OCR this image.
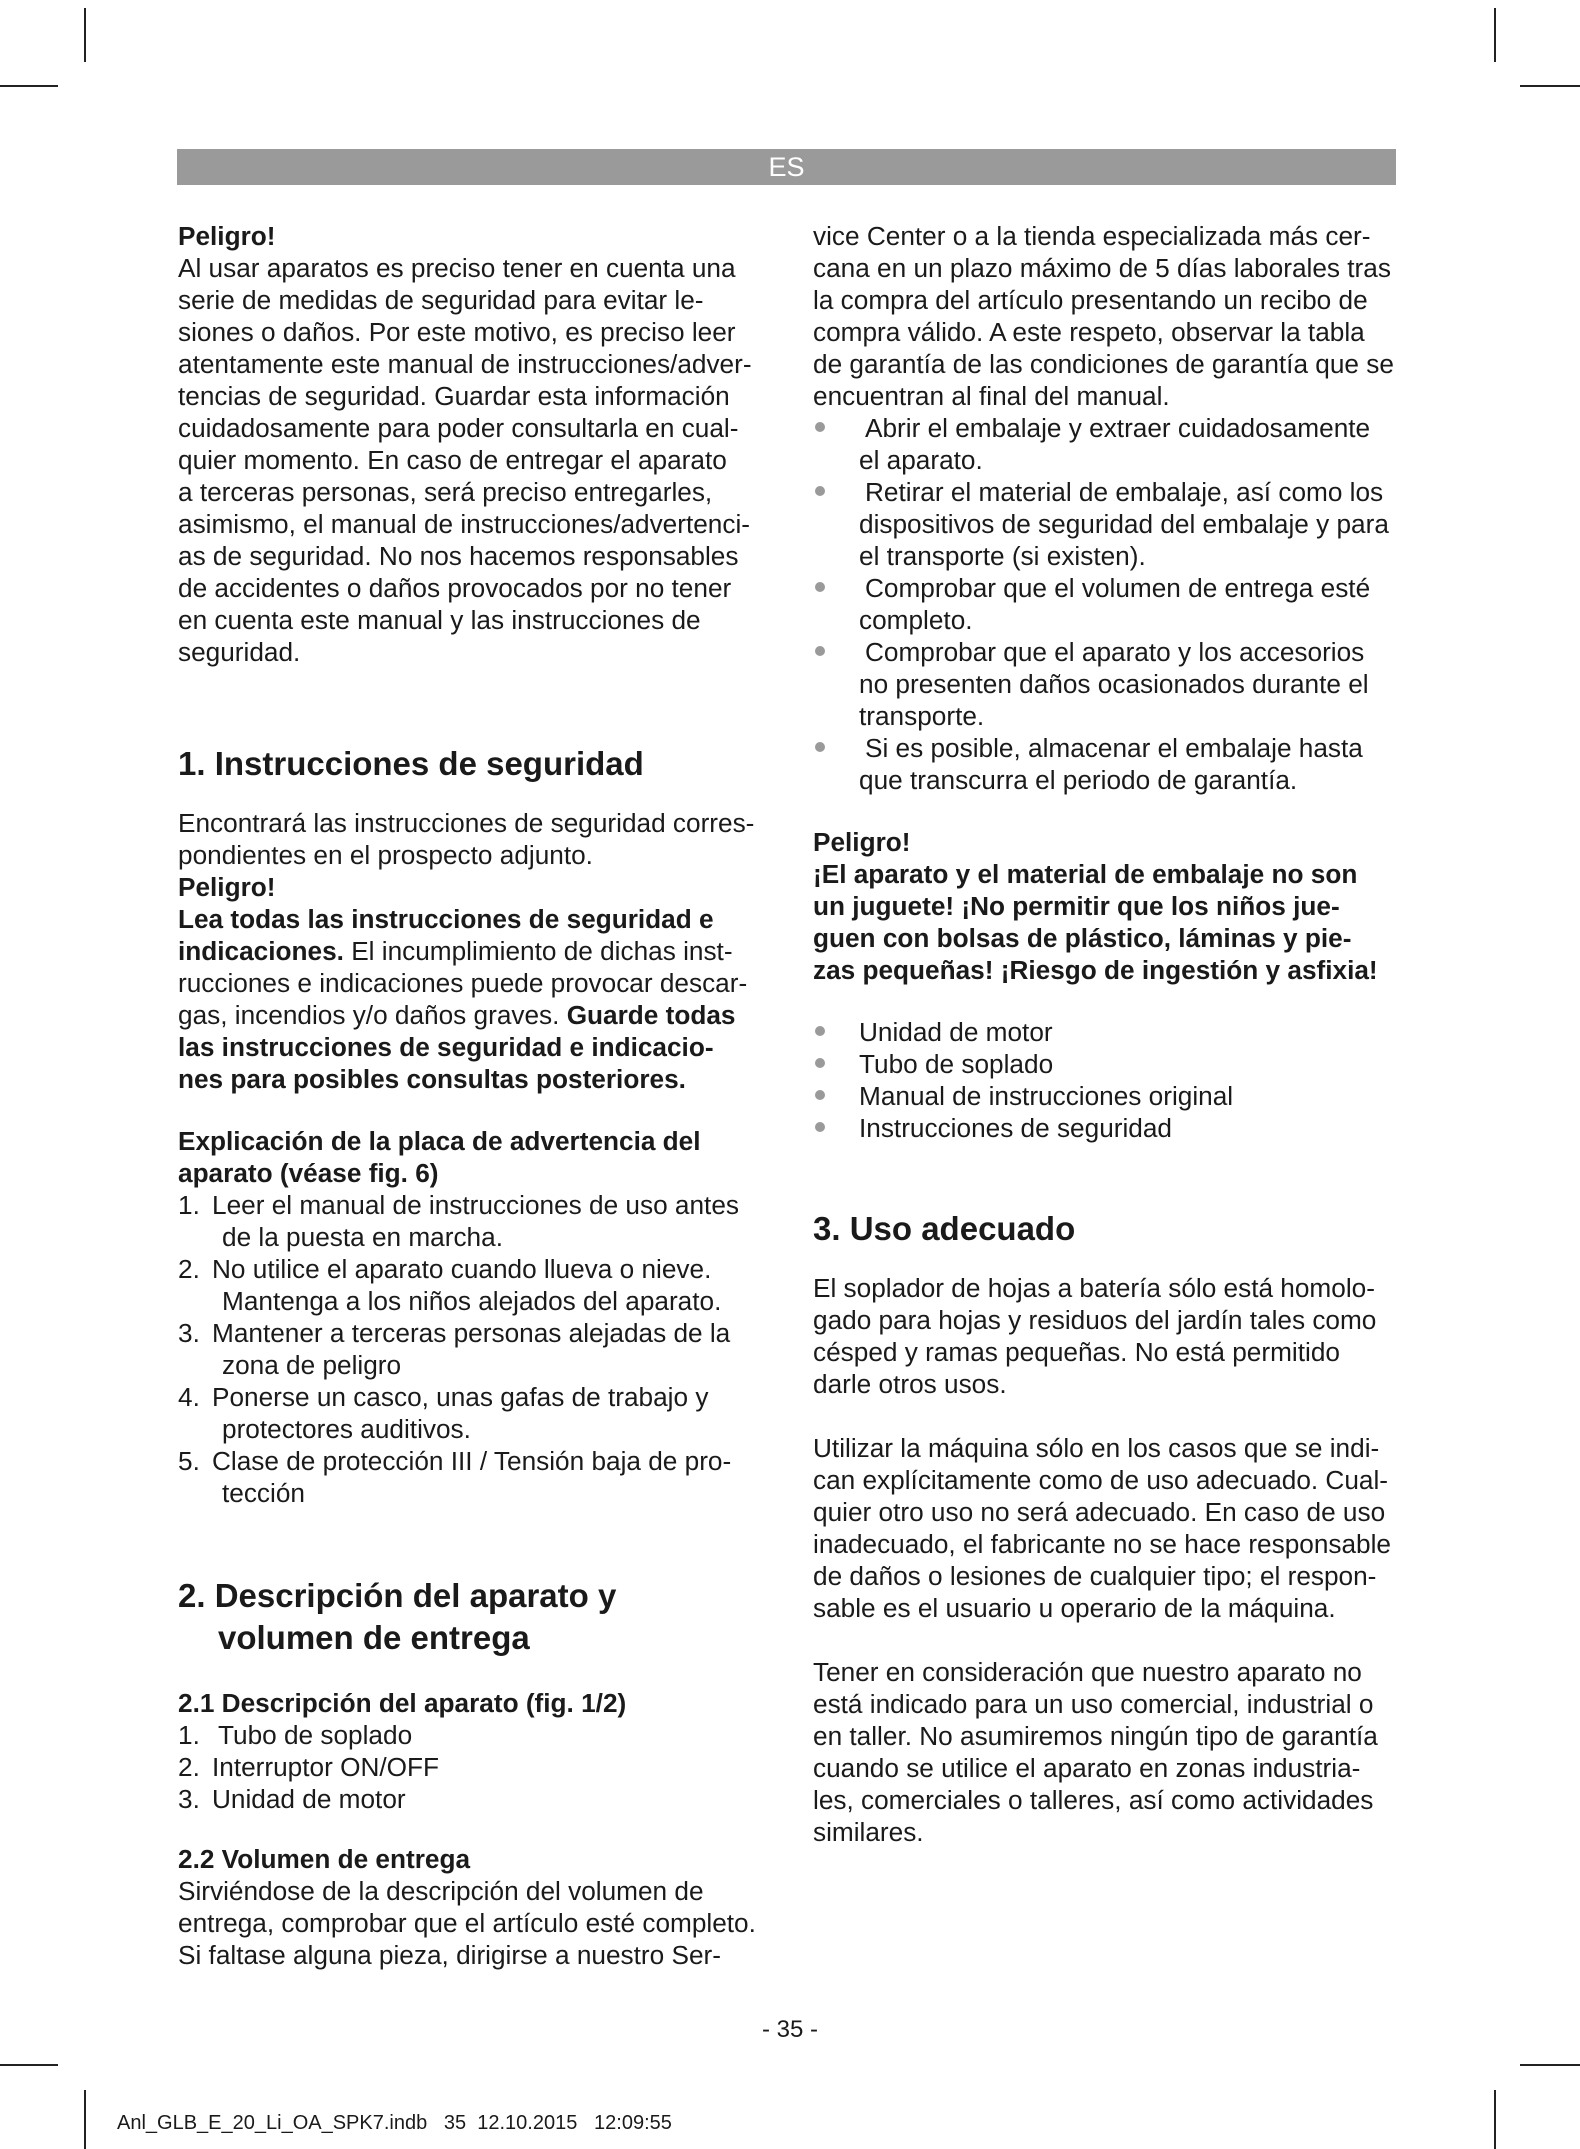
ES

Peligro!

Al usar aparatos es preciso tener en cuenta una
serie de medidas de seguridad para evitar le-
siones o daños. Por este motivo, es preciso leer
atentamente este manual de instrucciones/adver-
tencias de seguridad. Guardar esta información
cuidadosamente para poder consultarla en cual-
quier momento. En caso de entregar el aparato
a terceras personas, será preciso entregarles,
asimismo, el manual de instrucciones/advertenci-
as de seguridad. No nos hacemos responsables
de accidentes o daños provocados por no tener
en cuenta este manual y las instrucciones de
seguridad.
1. Instrucciones de seguridad
Encontrará las instrucciones de seguridad corres-
pondientes en el prospecto adjunto.

Peligro!

Lea todas las instrucciones de seguridad e
indicaciones. El incumplimiento de dichas inst-
rucciones e indicaciones puede provocar descar-
gas, incendios y/o daños graves. Guarde todas
las instrucciones de seguridad e indicacio-
nes para posibles consultas posteriores.
Explicación de la placa de advertencia del
aparato (véase fig. 6)
1. Leer el manual de instrucciones de uso antes
de la puesta en marcha.
2. No utilice el aparato cuando llueva o nieve.
Mantenga a los niños alejados del aparato.
3. Mantener a terceras personas alejadas de la
zona de peligro
4. Ponerse un casco, unas gafas de trabajo y
protectores auditivos.
5. Clase de protección III / Tensión baja de pro-
tección
2. Descripción del aparato y
volumen de entrega

2.1 Descripción del aparato (fig. 1/2)

1. Tubo de soplado
2. Interruptor ON/OFF
3. Unidad de motor

2.2 Volumen de entrega

Sirviéndose de la descripción del volumen de
entrega, comprobar que el artículo esté completo.
Si faltase alguna pieza, dirigirse a nuestro Ser-
vice Center o a la tienda especializada más cer-
cana en un plazo máximo de 5 días laborales tras
la compra del artículo presentando un recibo de
compra válido. A este respeto, observar la tabla
de garantía de las condiciones de garantía que se
encuentran al final del manual.
Abrir el embalaje y extraer cuidadosamente
el aparato.
Retirar el material de embalaje, así como los
dispositivos de seguridad del embalaje y para
el transporte (si existen).
Comprobar que el volumen de entrega esté
completo.
Comprobar que el aparato y los accesorios
no presenten daños ocasionados durante el
transporte.
Si es posible, almacenar el embalaje hasta
que transcurra el periodo de garantía.

Peligro!

¡El aparato y el material de embalaje no son
un juguete! ¡No permitir que los niños jue-
guen con bolsas de plástico, láminas y pie-
zas pequeñas! ¡Riesgo de ingestión y asfixia!
Unidad de motor
Tubo de soplado
Manual de instrucciones original
Instrucciones de seguridad
3. Uso adecuado
El soplador de hojas a batería sólo está homolo-
gado para hojas y residuos del jardín tales como
césped y ramas pequeñas. No está permitido
darle otros usos.
Utilizar la máquina sólo en los casos que se indi-
can explícitamente como de uso adecuado. Cual-
quier otro uso no será adecuado. En caso de uso
inadecuado, el fabricante no se hace responsable
de daños o lesiones de cualquier tipo; el respon-
sable es el usuario u operario de la máquina.
Tener en consideración que nuestro aparato no
está indicado para un uso comercial, industrial o
en taller. No asumiremos ningún tipo de garantía
cuando se utilice el aparato en zonas industria-
les, comerciales o talleres, así como actividades
similares.
- 35 -
Anl_GLB_E_20_Li_OA_SPK7.indb   35  12.10.2015   12:09:55
